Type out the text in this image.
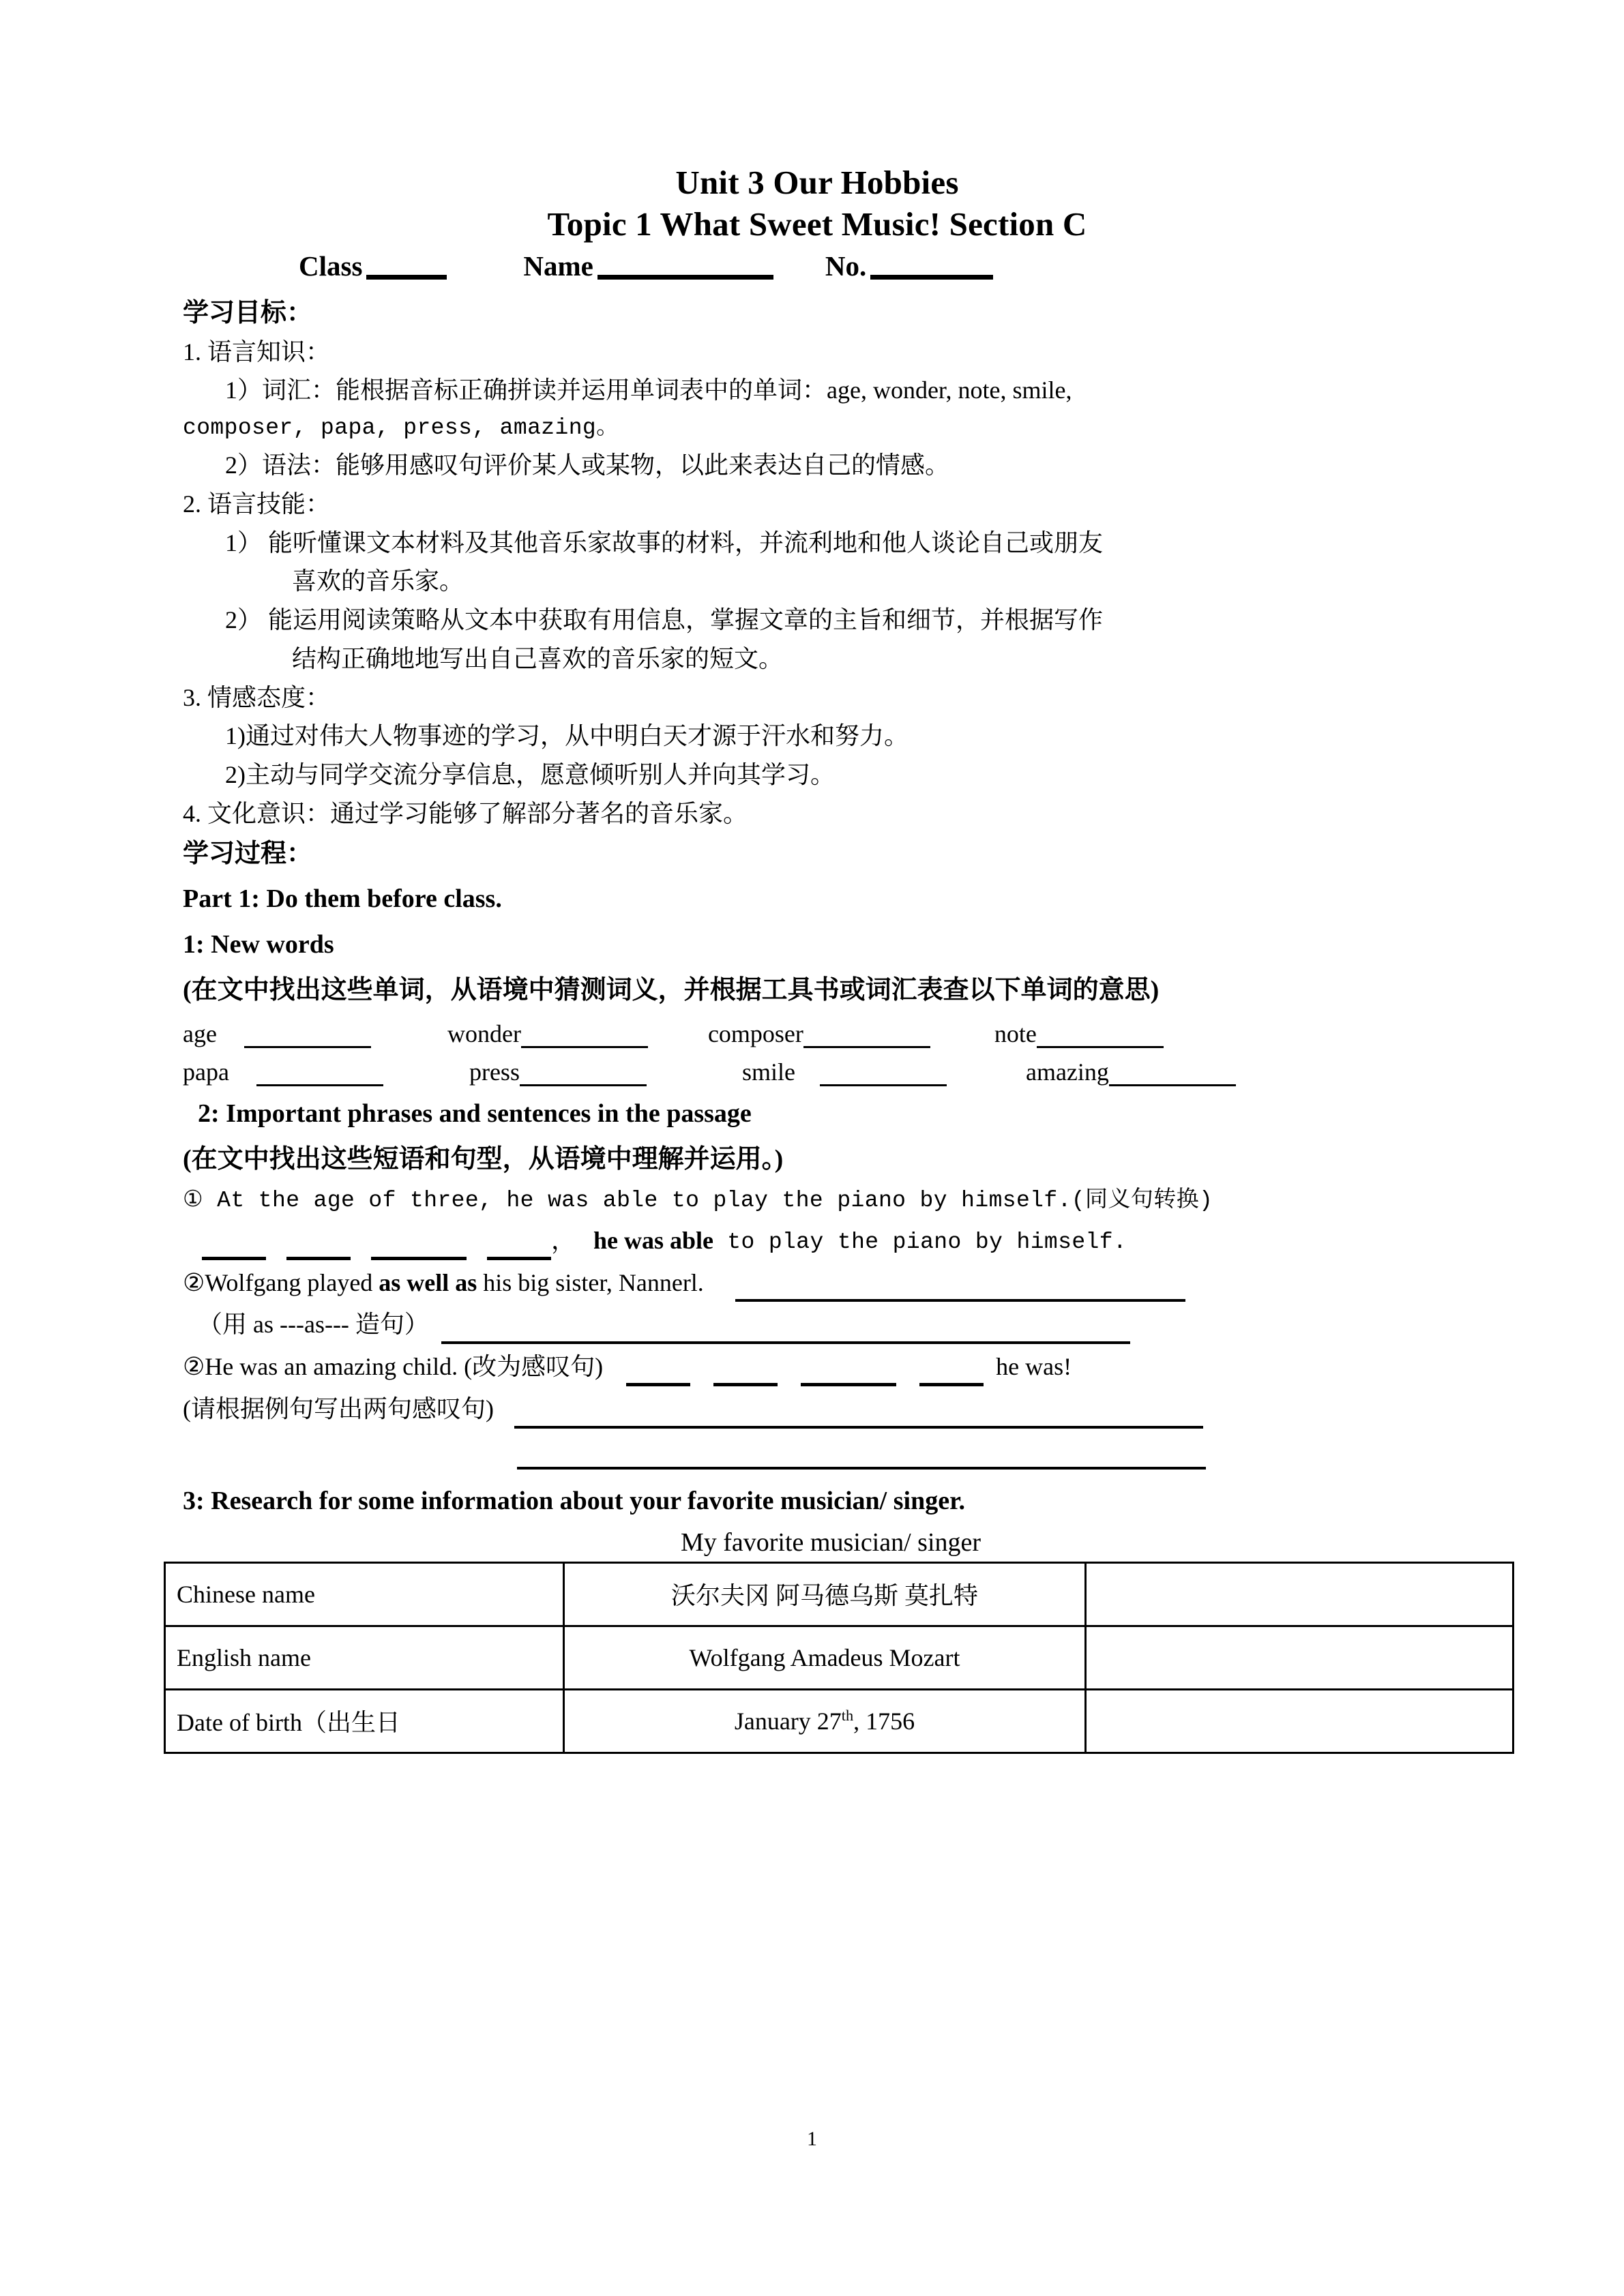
Unit 3 Our Hobbies
Topic 1 What Sweet Music! Section C
Class	Name	No.
学习目标：
1. 语言知识：
1）词汇：能根据音标正确拼读并运用单词表中的单词：age, wonder, note, smile,
composer, papa, press, amazing。
2）语法：能够用感叹句评价某人或某物，以此来表达自己的情感。
2. 语言技能：
1） 能听懂课文本材料及其他音乐家故事的材料，并流利地和他人谈论自己或朋友
喜欢的音乐家。
2） 能运用阅读策略从文本中获取有用信息，掌握文章的主旨和细节，并根据写作
结构正确地地写出自己喜欢的音乐家的短文。
3. 情感态度：
1)通过对伟大人物事迹的学习，从中明白天才源于汗水和努力。
2)主动与同学交流分享信息，愿意倾听别人并向其学习。
4. 文化意识：通过学习能够了解部分著名的音乐家。
学习过程：
Part 1: Do them before class.
1: New words
(在文中找出这些单词，从语境中猜测词义，并根据工具书或词汇表查以下单词的意思)
age	wonder	composer	note
papa	press	smile	amazing
2: Important phrases and sentences in the passage
(在文中找出这些短语和句型，从语境中理解并运用。)
① At the age of three, he was able to play the piano by himself.(同义句转换)
， he was able to play the piano by himself.
②Wolfgang played as well as his big sister, Nannerl.
（用 as ---as--- 造句）
②He was an amazing child. (改为感叹句)	he was!
(请根据例句写出两句感叹句)
3: Research for some information about your favorite musician/ singer.
My favorite musician/ singer
Chinese name	沃尔夫冈 阿马德乌斯 莫扎特	
English name	Wolfgang Amadeus Mozart	
Date of birth（出生日	January 27th, 1756	
1
